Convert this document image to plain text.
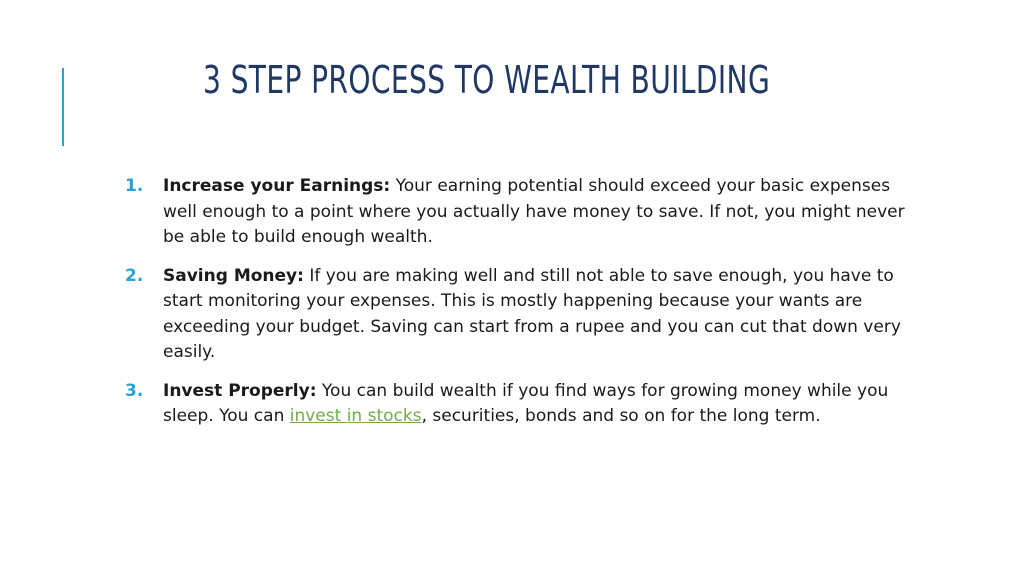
3 STEP PROCESS TO WEALTH BUILDING
1. Increase your Earnings: Your earning potential should exceed your basic expenses well enough to a point where you actually have money to save. If not, you might never be able to build enough wealth.
2. Saving Money: If you are making well and still not able to save enough, you have to start monitoring your expenses. This is mostly happening because your wants are exceeding your budget. Saving can start from a rupee and you can cut that down very easily.
3. Invest Properly: You can build wealth if you find ways for growing money while you sleep. You can invest in stocks, securities, bonds and so on for the long term.
